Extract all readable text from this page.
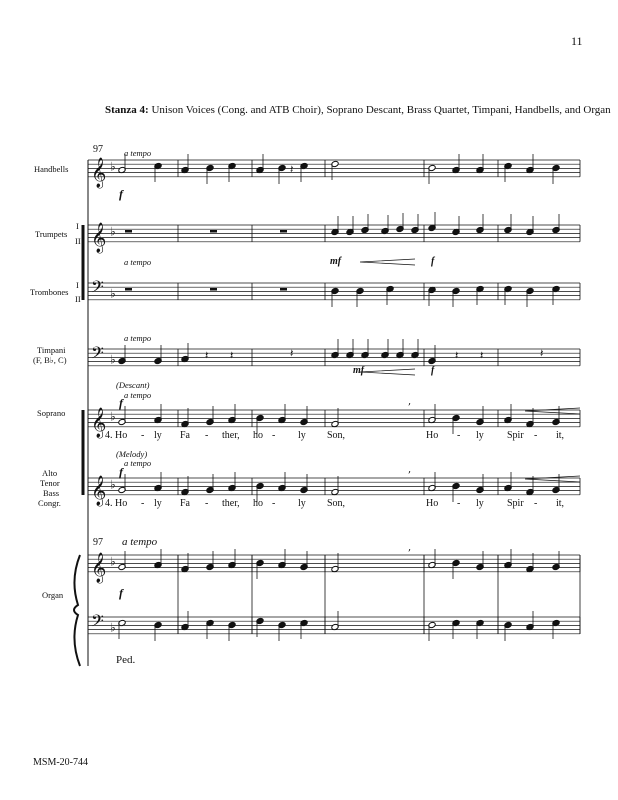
𝄞 ♭
𝄞 ♭
𝄢 ♭
𝄢 ♭
𝄞 ♭
𝄞 ♭
𝄞 ♭
𝄢 ♭
𝄽 𝄽	𝄽	𝄽 𝄽	𝄽
𝄽
,
,
,
11
Stanza 4: Unison Voices (Cong. and ATB Choir), Soprano Descant, Brass Quartet, Timpani, Handbells, and Organ
Handbells
Trumpets
I
II
Trombones
I
II
Timpani
(F, B♭, C)
Soprano
Alto
Tenor
Bass
Congr.
Organ
97
97
a tempo
a tempo
a tempo
a tempo
a tempo
a tempo
(Descant)
(Melody)
f
f
f
f
mf	f
mf	f
Ped.
4. Ho - ly Fa - ther, ho - ly Son,	Ho - ly Spir - it,
4. Ho - ly Fa - ther, ho - ly Son,	Ho - ly Spir - it,
MSM-20-744
